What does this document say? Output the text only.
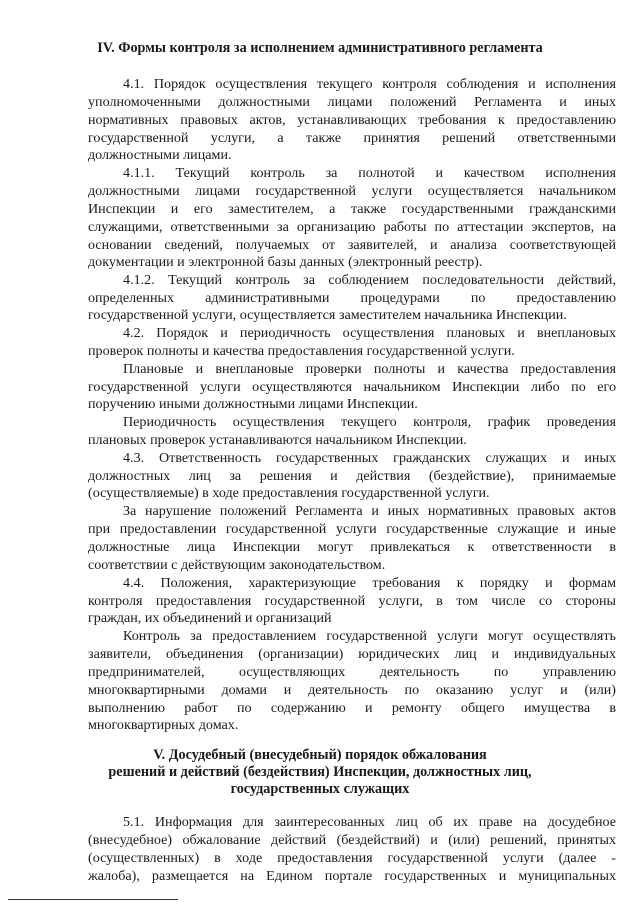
IV. Формы контроля за исполнением административного регламента

4.1. Порядок осуществления текущего контроля соблюдения и исполнения
уполномоченными должностными лицами положений Регламента и иных
нормативных правовых актов, устанавливающих требования к предоставлению
государственной услуги, а также принятия решений ответственными
должностными лицами.
4.1.1. Текущий контроль за полнотой и качеством исполнения
должностными лицами государственной услуги осуществляется начальником
Инспекции и его заместителем, а также государственными гражданскими
служащими, ответственными за организацию работы по аттестации экспертов, на
основании сведений, получаемых от заявителей, и анализа соответствующей
документации и электронной базы данных (электронный реестр).
4.1.2. Текущий контроль за соблюдением последовательности действий,
определенных административными процедурами по предоставлению
государственной услуги, осуществляется заместителем начальника Инспекции.
4.2. Порядок и периодичность осуществления плановых и внеплановых
проверок полноты и качества предоставления государственной услуги.
Плановые и внеплановые проверки полноты и качества предоставления
государственной услуги осуществляются начальником Инспекции либо по его
поручению иными должностными лицами Инспекции.
Периодичность осуществления текущего контроля, график проведения
плановых проверок устанавливаются начальником Инспекции.
4.3. Ответственность государственных гражданских служащих и иных
должностных лиц за решения и действия (бездействие), принимаемые
(осуществляемые) в ходе предоставления государственной услуги.
За нарушение положений Регламента и иных нормативных правовых актов
при предоставлении государственной услуги государственные служащие и иные
должностные лица Инспекции могут привлекаться к ответственности в
соответствии с действующим законодательством.
4.4. Положения, характеризующие требования к порядку и формам
контроля предоставления государственной услуги, в том числе со стороны
граждан, их объединений и организаций
Контроль за предоставлением государственной услуги могут осуществлять
заявители, объединения (организации) юридических лиц и индивидуальных
предпринимателей, осуществляющих деятельность по управлению
многоквартирными домами и деятельность по оказанию услуг и (или)
выполнению работ по содержанию и ремонту общего имущества в
многоквартирных домах.

V. Досудебный (внесудебный) порядок обжалования

решений и действий (бездействия) Инспекции, должностных лиц,

государственных служащих

5.1. Информация для заинтересованных лиц об их праве на досудебное
(внесудебное) обжалование действий (бездействий) и (или) решений, принятых
(осуществленных) в ходе предоставления государственной услуги (далее -
жалоба), размещается на Едином портале государственных и муниципальных
